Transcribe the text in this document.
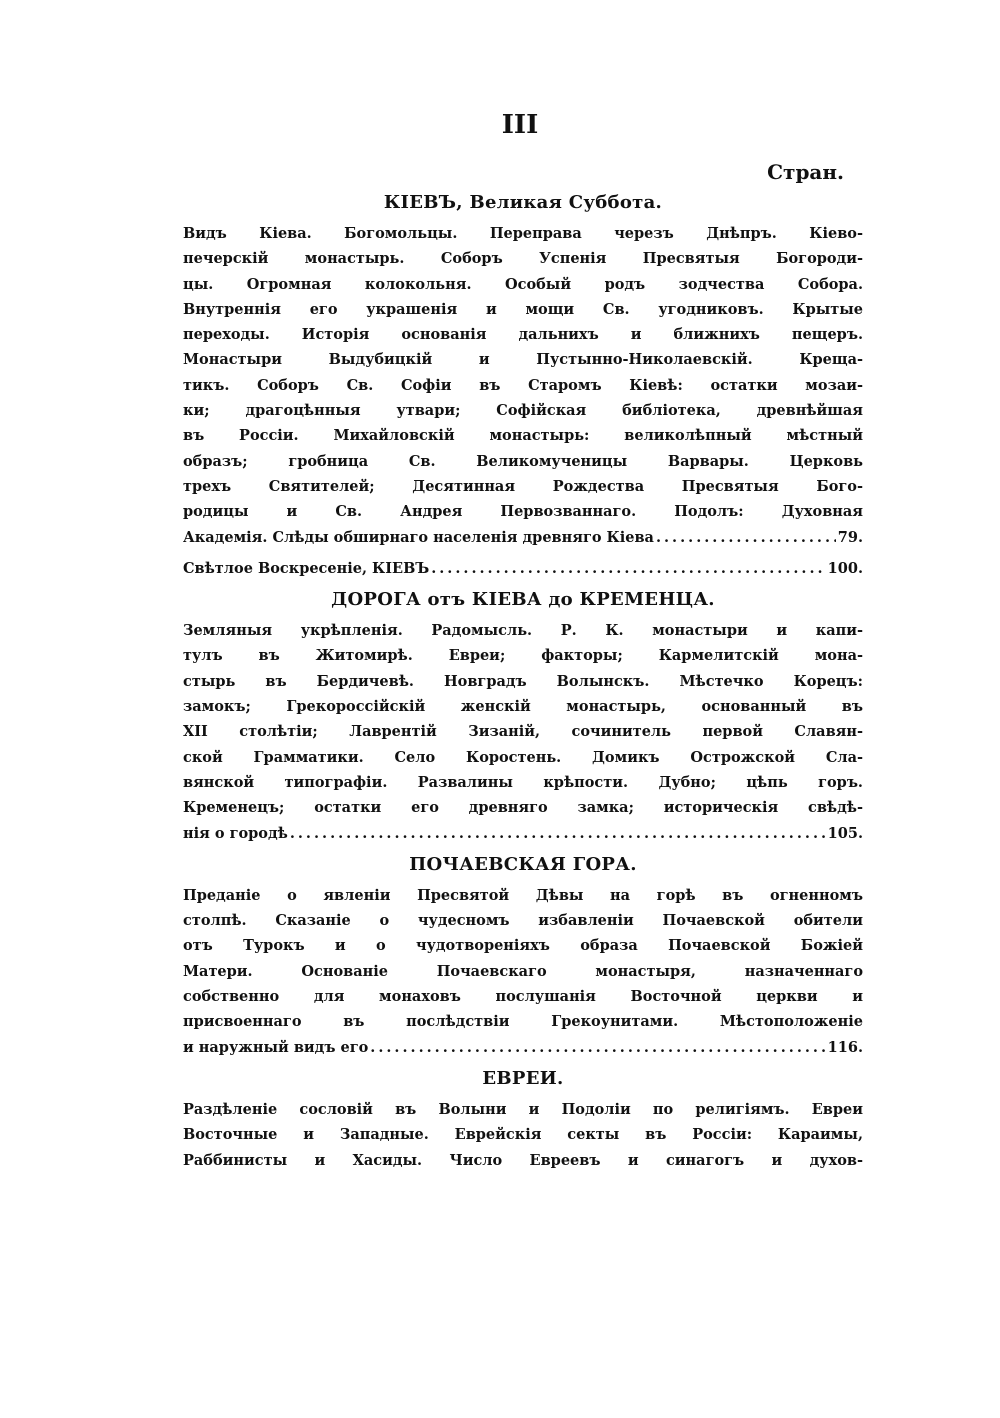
III
Стран.
КІЕВЪ, Великая Суббота.
Видъ Кіева. Богомольцы. Переправа черезъ Днѣпръ. Кіево-
печерскій монастырь. Соборъ Успенія Пресвятыя Богороди-
цы. Огромная колокольня. Особый родъ зодчества Собора.
Внутреннія его украшенія и мощи Св. угодниковъ. Крытые
переходы. Исторія основанія дальнихъ и ближнихъ пещеръ.
Монастыри Выдубицкій и Пустынно-Николаевскій. Крещa-
тикъ. Соборъ Св. Софіи въ Старомъ Кіевѣ: остатки мозаи-
ки; драгоцѣнныя утвари; Софійская библіотека, древнѣйшая
въ Россіи. Михайловскій монастырь: великолѣпный мѣстный
образъ; гробница Св. Великомученицы Варвары. Церковь
трехъ Святителей; Десятинная Рождества Пресвятыя Бого-
родицы и Св. Андрея Первозваннаго. Подолъ: Духовная
Академія. Слѣды обширнаго населенія древняго Кіева .....	79.
Свѣтлое Воскресеніе, КІЕВЪ .....	100.
ДОРОГА отъ КІЕВА до КРЕМЕНЦА.
Земляныя укрѣпленія. Радомысль. Р. К. монастыри и капи-
тулъ въ Житомирѣ. Евреи; факторы; Кармелитскій мона-
стырь въ Бердичевѣ. Новградъ Волынскъ. Мѣстечко Корецъ:
замокъ; Грекороссійскій женскій монастырь, основанный въ
XII столѣтіи; Лаврентій Зизаній, сочинитель первой Славян-
ской Грамматики. Село Коростень. Домикъ Острожской Сла-
вянской типографіи. Развалины крѣпости. Дубно; цѣпь горъ.
Кременецъ; остатки его древняго замка; историческія свѣдѣ-
нія о городѣ .....	105.
ПОЧАЕВСКАЯ ГОРА.
Преданіе о явленіи Пресвятой Дѣвы на горѣ въ огненномъ
столпѣ. Сказаніе о чудесномъ избавленіи Почаевской обители
отъ Турокъ и о чудотвореніяхъ образа Почаевской Божіей
Матери. Основаніе Почаевскаго монастыря, назначеннаго
собственно для монаховъ послушанія Восточной церкви и
присвоеннаго въ послѣдствіи Грекоунитами. Мѣстоположеніе
и наружный видъ его .....	116.
ЕВРЕИ.
Раздѣленіе сословій въ Волыни и Подоліи по религіямъ. Евреи
Восточные и Западные. Еврейскія секты въ Россіи: Караимы,
Раббинисты и Хасиды. Число Евреевъ и синагогъ и духов-
